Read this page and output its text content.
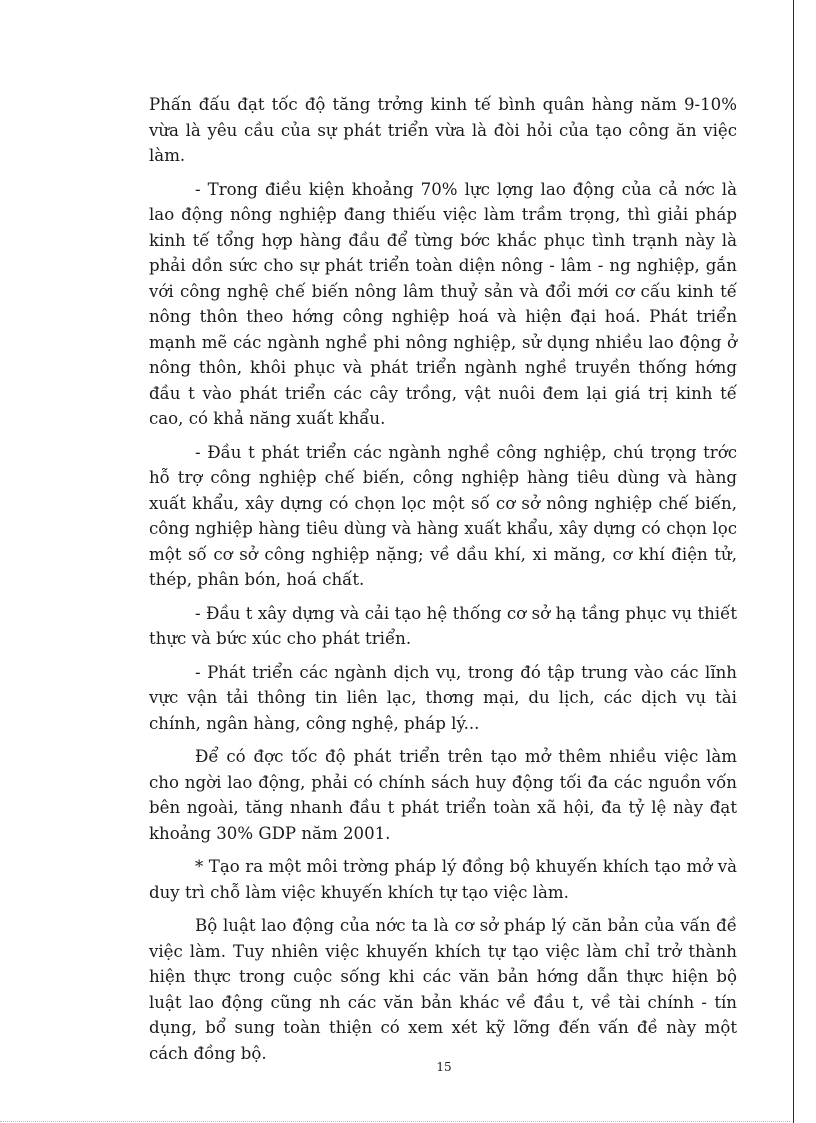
Phấn đấu đạt tốc độ tăng trởng kinh tế bình quân hàng năm 9-10% vừa là yêu cầu của sự phát triển vừa là đòi hỏi của tạo công ăn việc làm.

- Trong điều kiện khoảng 70% lực lợng lao động của cả nớc là lao động nông nghiệp đang thiếu việc làm trầm trọng, thì giải pháp kinh tế tổng hợp hàng đầu để từng bớc khắc phục tình trạnh này là phải dồn sức cho sự phát triển toàn diện nông - lâm - ng nghiệp, gắn với công nghệ chế biến nông lâm thuỷ sản và đổi mới cơ cấu kinh tế nông thôn theo hớng công nghiệp hoá và hiện đại hoá. Phát triển mạnh mẽ các ngành nghề phi nông nghiệp, sử dụng nhiều lao động ở nông thôn, khôi phục và phát triển ngành nghề truyền thống hớng đầu t vào phát triển các cây trồng, vật nuôi đem lại giá trị kinh tế cao, có khả năng xuất khẩu.

- Đầu t phát triển các ngành nghề công nghiệp, chú trọng trớc hỗ trợ công nghiệp chế biến, công nghiệp hàng tiêu dùng và hàng xuất khẩu, xây dựng có chọn lọc một số cơ sở nông nghiệp chế biến, công nghiệp hàng tiêu dùng và hàng xuất khẩu, xây dựng có chọn lọc một số cơ sở công nghiệp nặng; về dầu khí, xi măng, cơ khí điện tử, thép, phân bón, hoá chất.

- Đầu t xây dựng và cải tạo hệ thống cơ sở hạ tầng phục vụ thiết thực và bức xúc cho phát triển.

- Phát triển các ngành dịch vụ, trong đó tập trung vào các lĩnh vực vận tải thông tin liên lạc, thơng mại, du lịch, các dịch vụ tài chính, ngân hàng, công nghệ, pháp lý...

Để có đợc tốc độ phát triển trên tạo mở thêm nhiều việc làm cho ngời lao động, phải có chính sách huy động tối đa các nguồn vốn bên ngoài, tăng nhanh đầu t phát triển toàn xã hội, đa tỷ lệ này đạt khoảng 30% GDP năm 2001.

* Tạo ra một môi trờng pháp lý đồng bộ khuyến khích tạo mở và duy trì chỗ làm việc khuyến khích tự tạo việc làm.

Bộ luật lao động của nớc ta là cơ sở pháp lý căn bản của vấn đề việc làm. Tuy nhiên việc khuyến khích tự tạo việc làm chỉ trở thành hiện thực trong cuộc sống khi các văn bản hớng dẫn thực hiện bộ luật lao động cũng nh các văn bản khác về đầu t, về tài chính - tín dụng, bổ sung toàn thiện có xem xét kỹ lỡng đến vấn đề này một cách đồng bộ.

15
